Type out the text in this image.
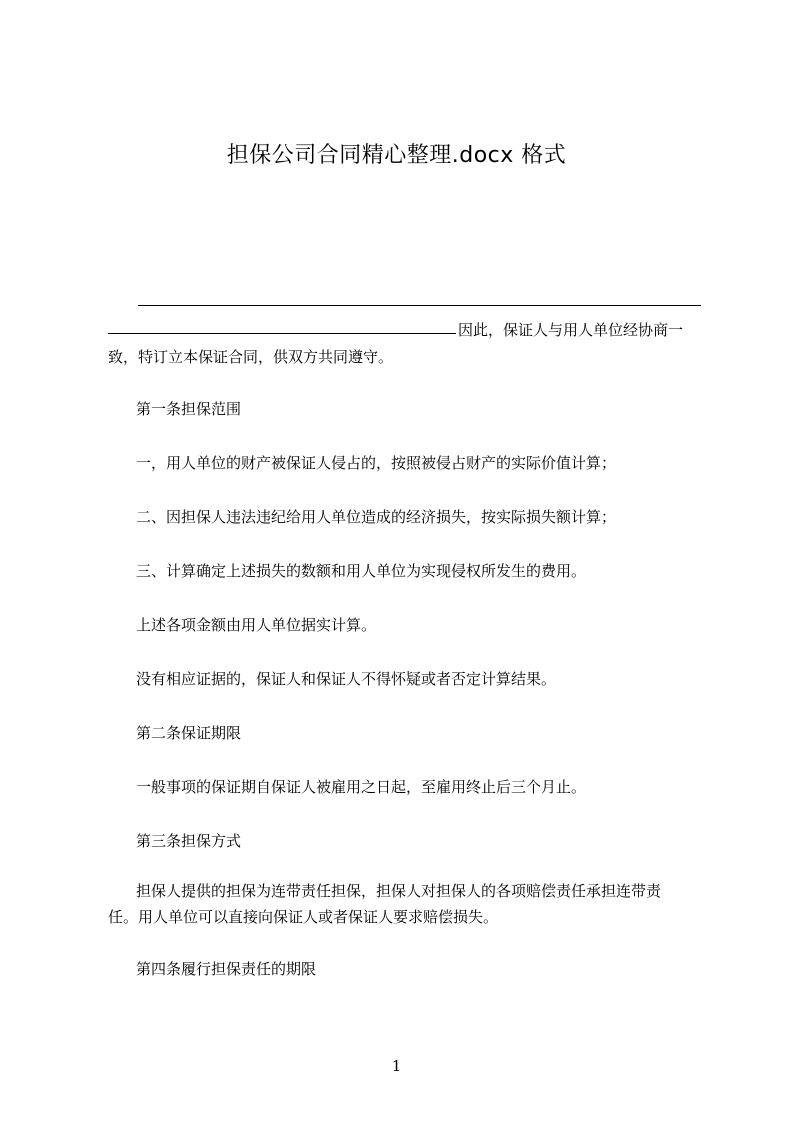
担保公司合同精心整理.docx 格式
因此，保证人与用人单位经协商一
致，特订立本保证合同，供双方共同遵守。
第一条担保范围
一，用人单位的财产被保证人侵占的，按照被侵占财产的实际价值计算；
二、因担保人违法违纪给用人单位造成的经济损失，按实际损失额计算；
三、计算确定上述损失的数额和用人单位为实现侵权所发生的费用。
上述各项金额由用人单位据实计算。
没有相应证据的，保证人和保证人不得怀疑或者否定计算结果。
第二条保证期限
一般事项的保证期自保证人被雇用之日起，至雇用终止后三个月止。
第三条担保方式
担保人提供的担保为连带责任担保，担保人对担保人的各项赔偿责任承担连带责
任。用人单位可以直接向保证人或者保证人要求赔偿损失。
第四条履行担保责任的期限
1
